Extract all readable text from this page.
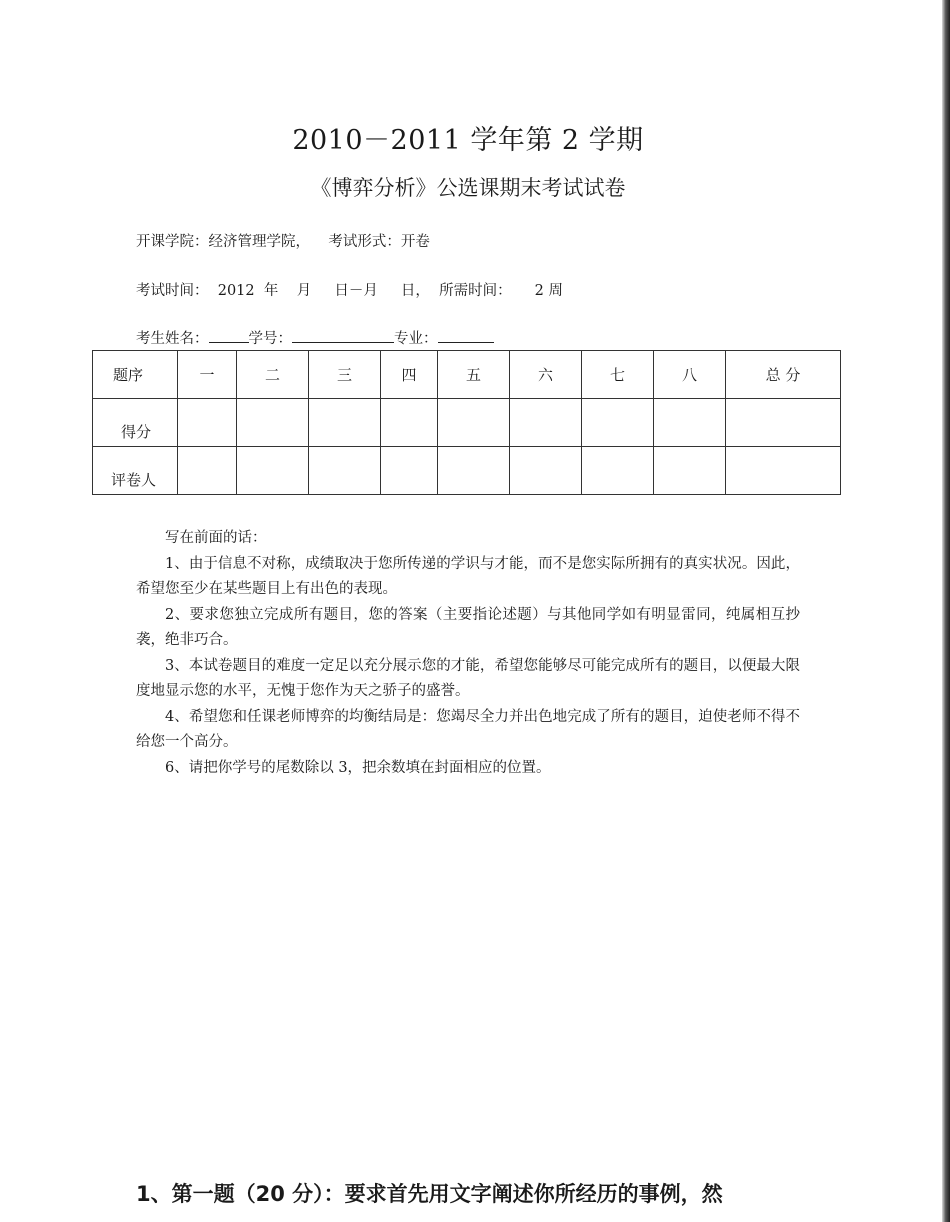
2010－2011 学年第 2 学期
《博弈分析》公选课期末考试试卷
开课学院：经济管理学院，    考试形式：开卷
考试时间：  2012  年    月     日－月     日，  所需时间：     2 周
考生姓名：	学号：	专业：
题序	一	二	三	四	五	六	七	八	总 分
得分									
评卷人									

写在前面的话：

1、由于信息不对称，成绩取决于您所传递的学识与才能，而不是您实际所拥有的真实状况。因此，希望您至少在某些题目上有出色的表现。

2、要求您独立完成所有题目，您的答案（主要指论述题）与其他同学如有明显雷同，纯属相互抄袭，绝非巧合。

3、本试卷题目的难度一定足以充分展示您的才能，希望您能够尽可能完成所有的题目，以便最大限度地显示您的水平，无愧于您作为天之骄子的盛誉。

4、希望您和任课老师博弈的均衡结局是：您竭尽全力并出色地完成了所有的题目，迫使老师不得不给您一个高分。

6、请把你学号的尾数除以 3，把余数填在封面相应的位置。

1、第一题（20 分）：要求首先用文字阐述你所经历的事例，然
